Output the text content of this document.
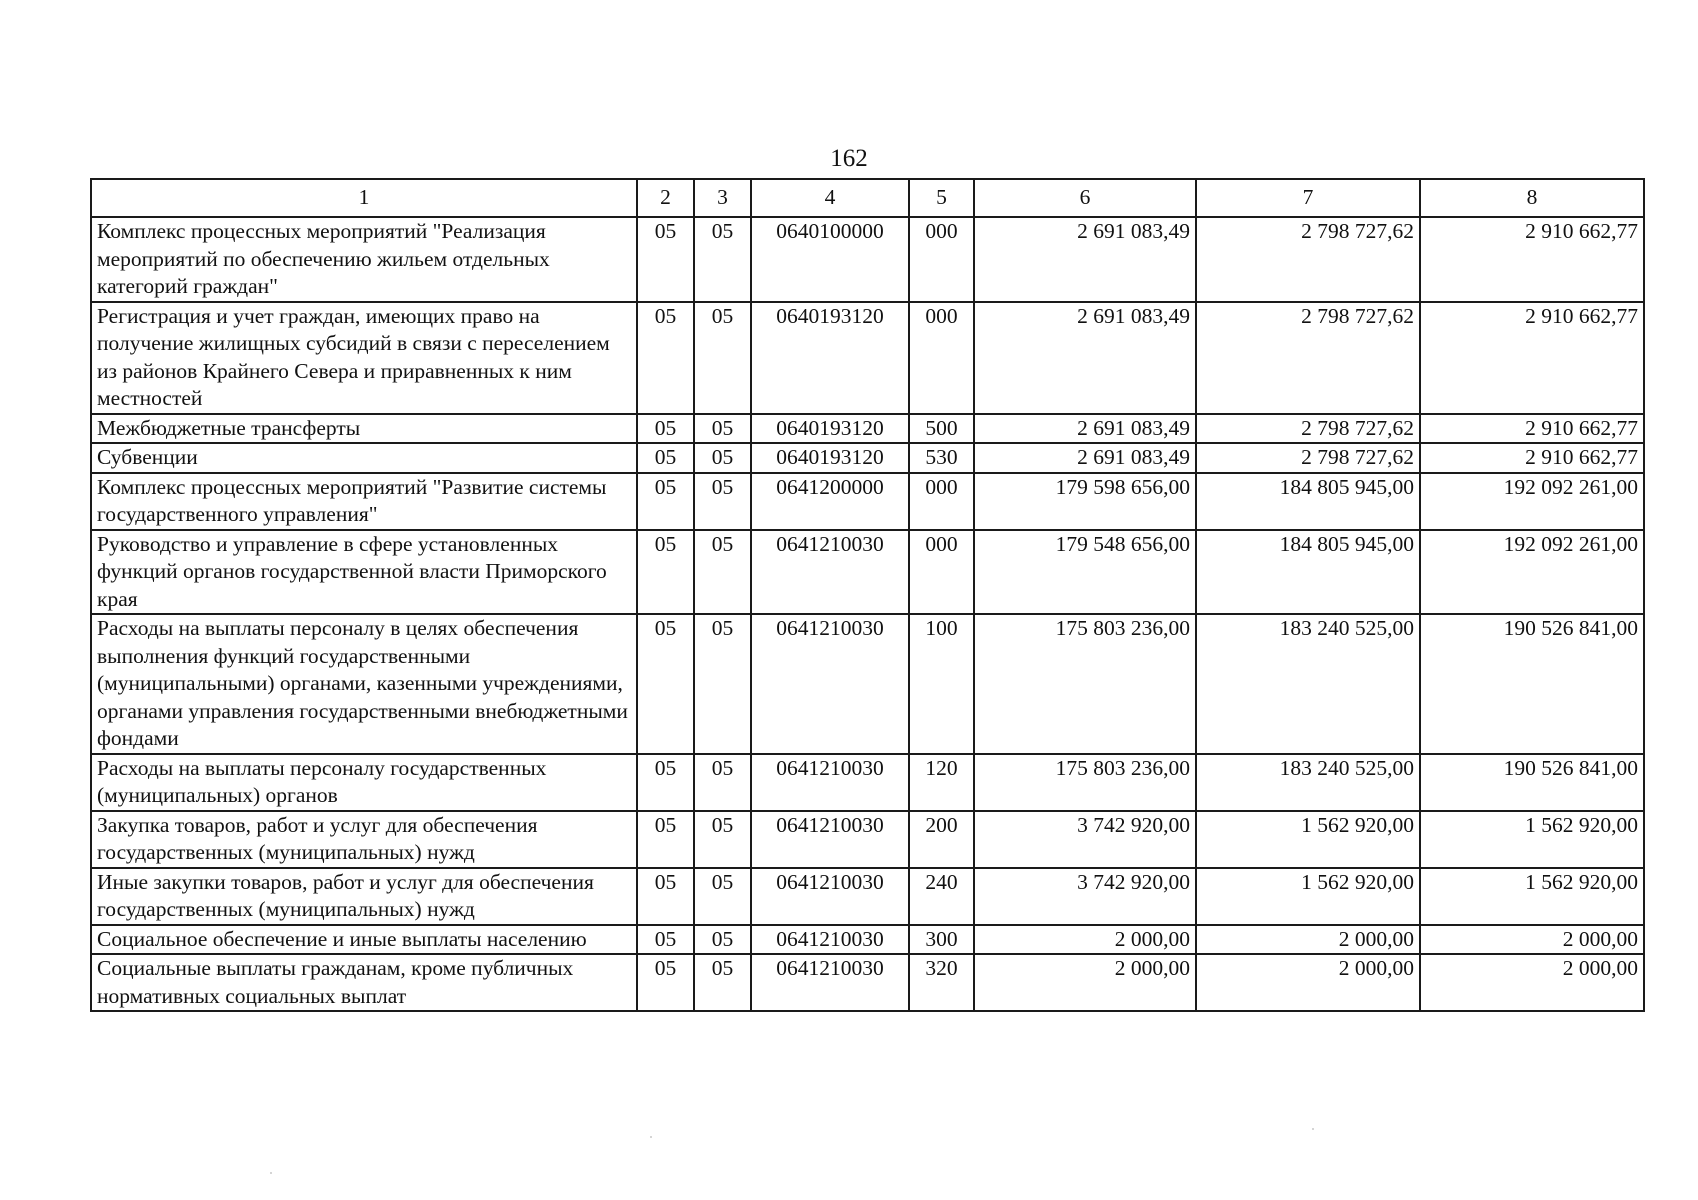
162
1	2	3	4	5	6	7	8
Комплекс процессных мероприятий "Реализация мероприятий по обеспечению жильем отдельных категорий граждан"	05	05	0640100000	000	2 691 083,49	2 798 727,62	2 910 662,77
Регистрация и учет граждан, имеющих право на получение жилищных субсидий в связи с переселением из районов Крайнего Севера и приравненных к ним местностей	05	05	0640193120	000	2 691 083,49	2 798 727,62	2 910 662,77
Межбюджетные трансферты	05	05	0640193120	500	2 691 083,49	2 798 727,62	2 910 662,77
Субвенции	05	05	0640193120	530	2 691 083,49	2 798 727,62	2 910 662,77
Комплекс процессных мероприятий "Развитие системы государственного управления"	05	05	0641200000	000	179 598 656,00	184 805 945,00	192 092 261,00
Руководство и управление в сфере установленных функций органов государственной власти Приморского края	05	05	0641210030	000	179 548 656,00	184 805 945,00	192 092 261,00
Расходы на выплаты персоналу в целях обеспечения выполнения функций государственными (муниципальными) органами, казенными учреждениями, органами управления государственными внебюджетными фондами	05	05	0641210030	100	175 803 236,00	183 240 525,00	190 526 841,00
Расходы на выплаты персоналу государственных (муниципальных) органов	05	05	0641210030	120	175 803 236,00	183 240 525,00	190 526 841,00
Закупка товаров, работ и услуг для обеспечения государственных (муниципальных) нужд	05	05	0641210030	200	3 742 920,00	1 562 920,00	1 562 920,00
Иные закупки товаров, работ и услуг для обеспечения государственных (муниципальных) нужд	05	05	0641210030	240	3 742 920,00	1 562 920,00	1 562 920,00
Социальное обеспечение и иные выплаты населению	05	05	0641210030	300	2 000,00	2 000,00	2 000,00
Социальные выплаты гражданам, кроме публичных нормативных социальных выплат	05	05	0641210030	320	2 000,00	2 000,00	2 000,00
